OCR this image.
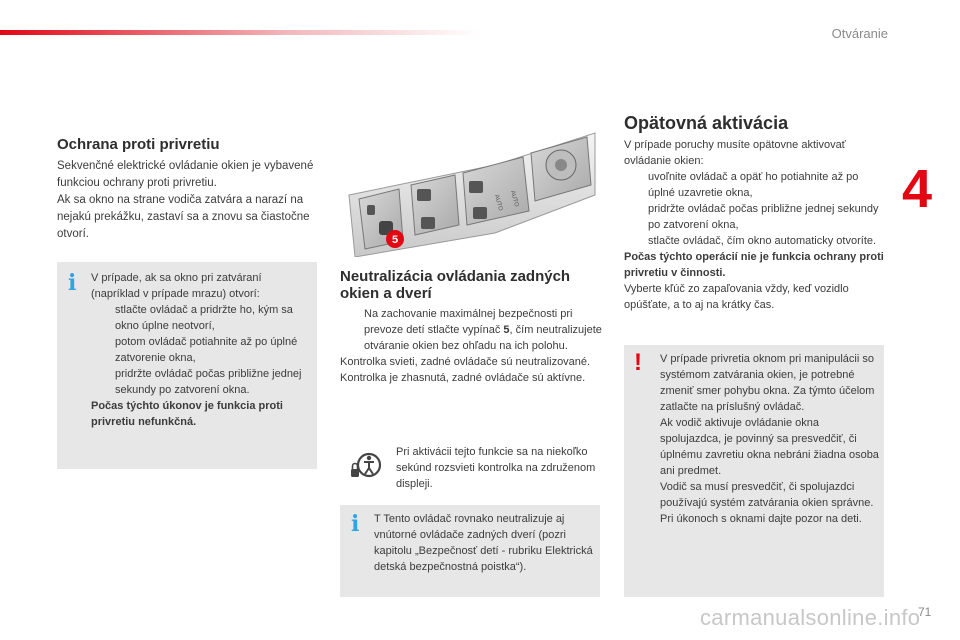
Otváranie
4
Ochrana proti privretiu
Sekvenčné elektrické ovládanie okien je vybavené funkciou ochrany proti privretiu.
Ak sa okno na strane vodiča zatvára a narazí na nejakú prekážku, zastaví sa a znovu sa čiastočne otvorí.
i V prípade, ak sa okno pri zatváraní (napríklad v prípade mrazu) otvorí:
stlačte ovládač a pridržte ho, kým sa okno úplne neotvorí,
potom ovládač potiahnite až po úplné zatvorenie okna,
pridržte ovládač počas približne jednej sekundy po zatvorení okna.
Počas týchto úkonov je funkcia proti privretiu nefunkčná.
5
AUTO AUTO
Neutralizácia ovládania zadných okien a dverí
Na zachovanie maximálnej bezpečnosti pri prevoze detí stlačte vypínač 5, čím neutralizujete otváranie okien bez ohľadu na ich polohu.
Kontrolka svieti, zadné ovládače sú neutralizované.
Kontrolka je zhasnutá, zadné ovládače sú aktívne.
Pri aktivácii tejto funkcie sa na niekoľko sekúnd rozsvieti kontrolka na združenom displeji.
i T Tento ovládač rovnako neutralizuje aj vnútorné ovládače zadných dverí (pozri kapitolu „Bezpečnosť detí - rubriku Elektrická detská bezpečnostná poistka“).
Opätovná aktivácia
V prípade poruchy musíte opätovne aktivovať ovládanie okien:
uvoľnite ovládač a opäť ho potiahnite až po úplné uzavretie okna,
pridržte ovládač počas približne jednej sekundy po zatvorení okna,
stlačte ovládač, čím okno automaticky otvoríte.
Počas týchto operácií nie je funkcia ochrany proti privretiu v činnosti.
Vyberte kľúč zo zapaľovania vždy, keď vozidlo opúšťate, a to aj na krátky čas.
! V prípade privretia oknom pri manipulácii so systémom zatvárania okien, je potrebné zmeniť smer pohybu okna. Za týmto účelom zatlačte na príslušný ovládač.
Ak vodič aktivuje ovládanie okna spolujazdca, je povinný sa presvedčiť, či úplnému zavretiu okna nebráni žiadna osoba ani predmet.
Vodič sa musí presvedčiť, či spolujazdci používajú systém zatvárania okien správne.
Pri úkonoch s oknami dajte pozor na deti.
carmanualsonline.info
71
